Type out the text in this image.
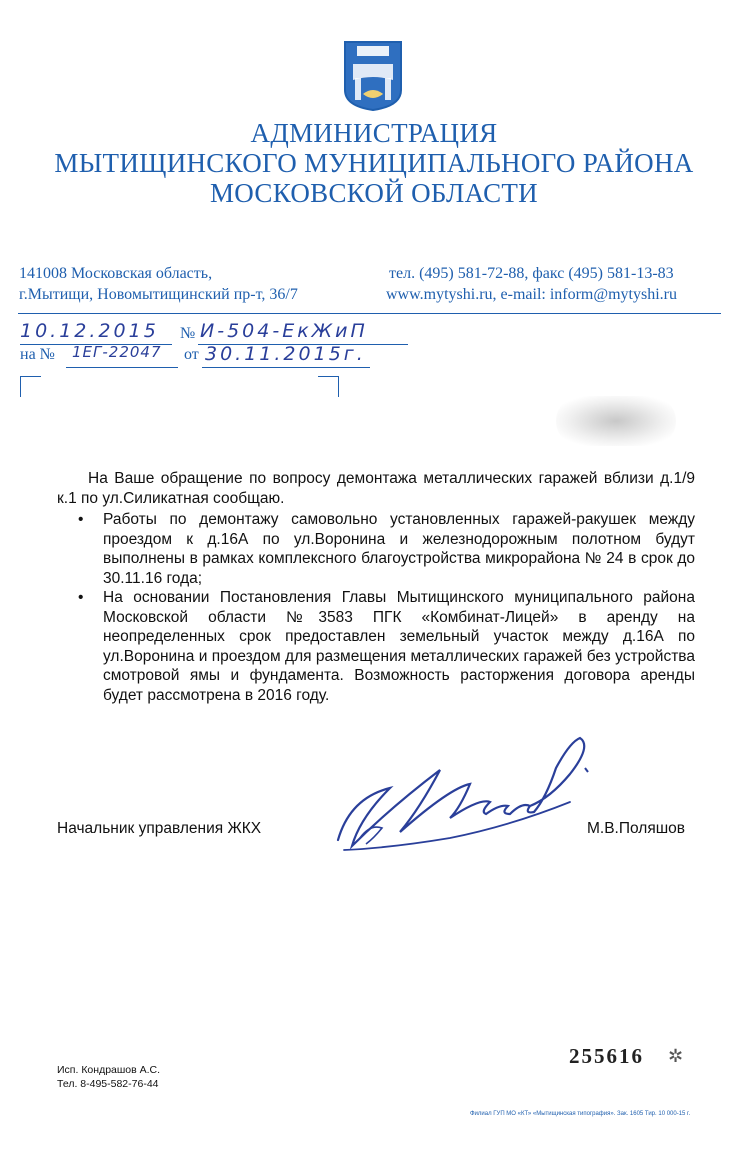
АДМИНИСТРАЦИЯ
МЫТИЩИНСКОГО МУНИЦИПАЛЬНОГО РАЙОНА
МОСКОВСКОЙ ОБЛАСТИ
141008 Московская область,
г.Мытищи, Новомытищинский пр-т, 36/7
тел. (495) 581-72-88, факс (495) 581-13-83
www.mytyshi.ru, e-mail: inform@mytyshi.ru
10.12.2015 № И-504-ЕкЖиП
на № 1ЕГ-22047 от 30.11.2015г.
На Ваше обращение по вопросу демонтажа металлических гаражей вблизи д.1/9 к.1 по ул.Силикатная сообщаю.
• Работы по демонтажу самовольно установленных гаражей-ракушек между проездом к д.16А по ул.Воронина и железнодорожным полотном будут выполнены в рамках комплексного благоустройства микрорайона № 24 в срок до 30.11.16 года;
• На основании Постановления Главы Мытищинского муниципального района Московской области №3583 ПГК «Комбинат-Лицей» в аренду на неопределенных срок предоставлен земельный участок между д.16А по ул.Воронина и проездом для размещения металлических гаражей без устройства смотровой ямы и фундамента. Возможность расторжения договора аренды будет рассмотрена в 2016 году.
Начальник управления ЖКХ	М.В.Поляшов
Исп. Кондрашов А.С.
Тел. 8-495-582-76-44
255616 ✲
Филиал ГУП МО «КТ» «Мытищинская типография». Зак. 1605 Тир. 10 000-15 г.
